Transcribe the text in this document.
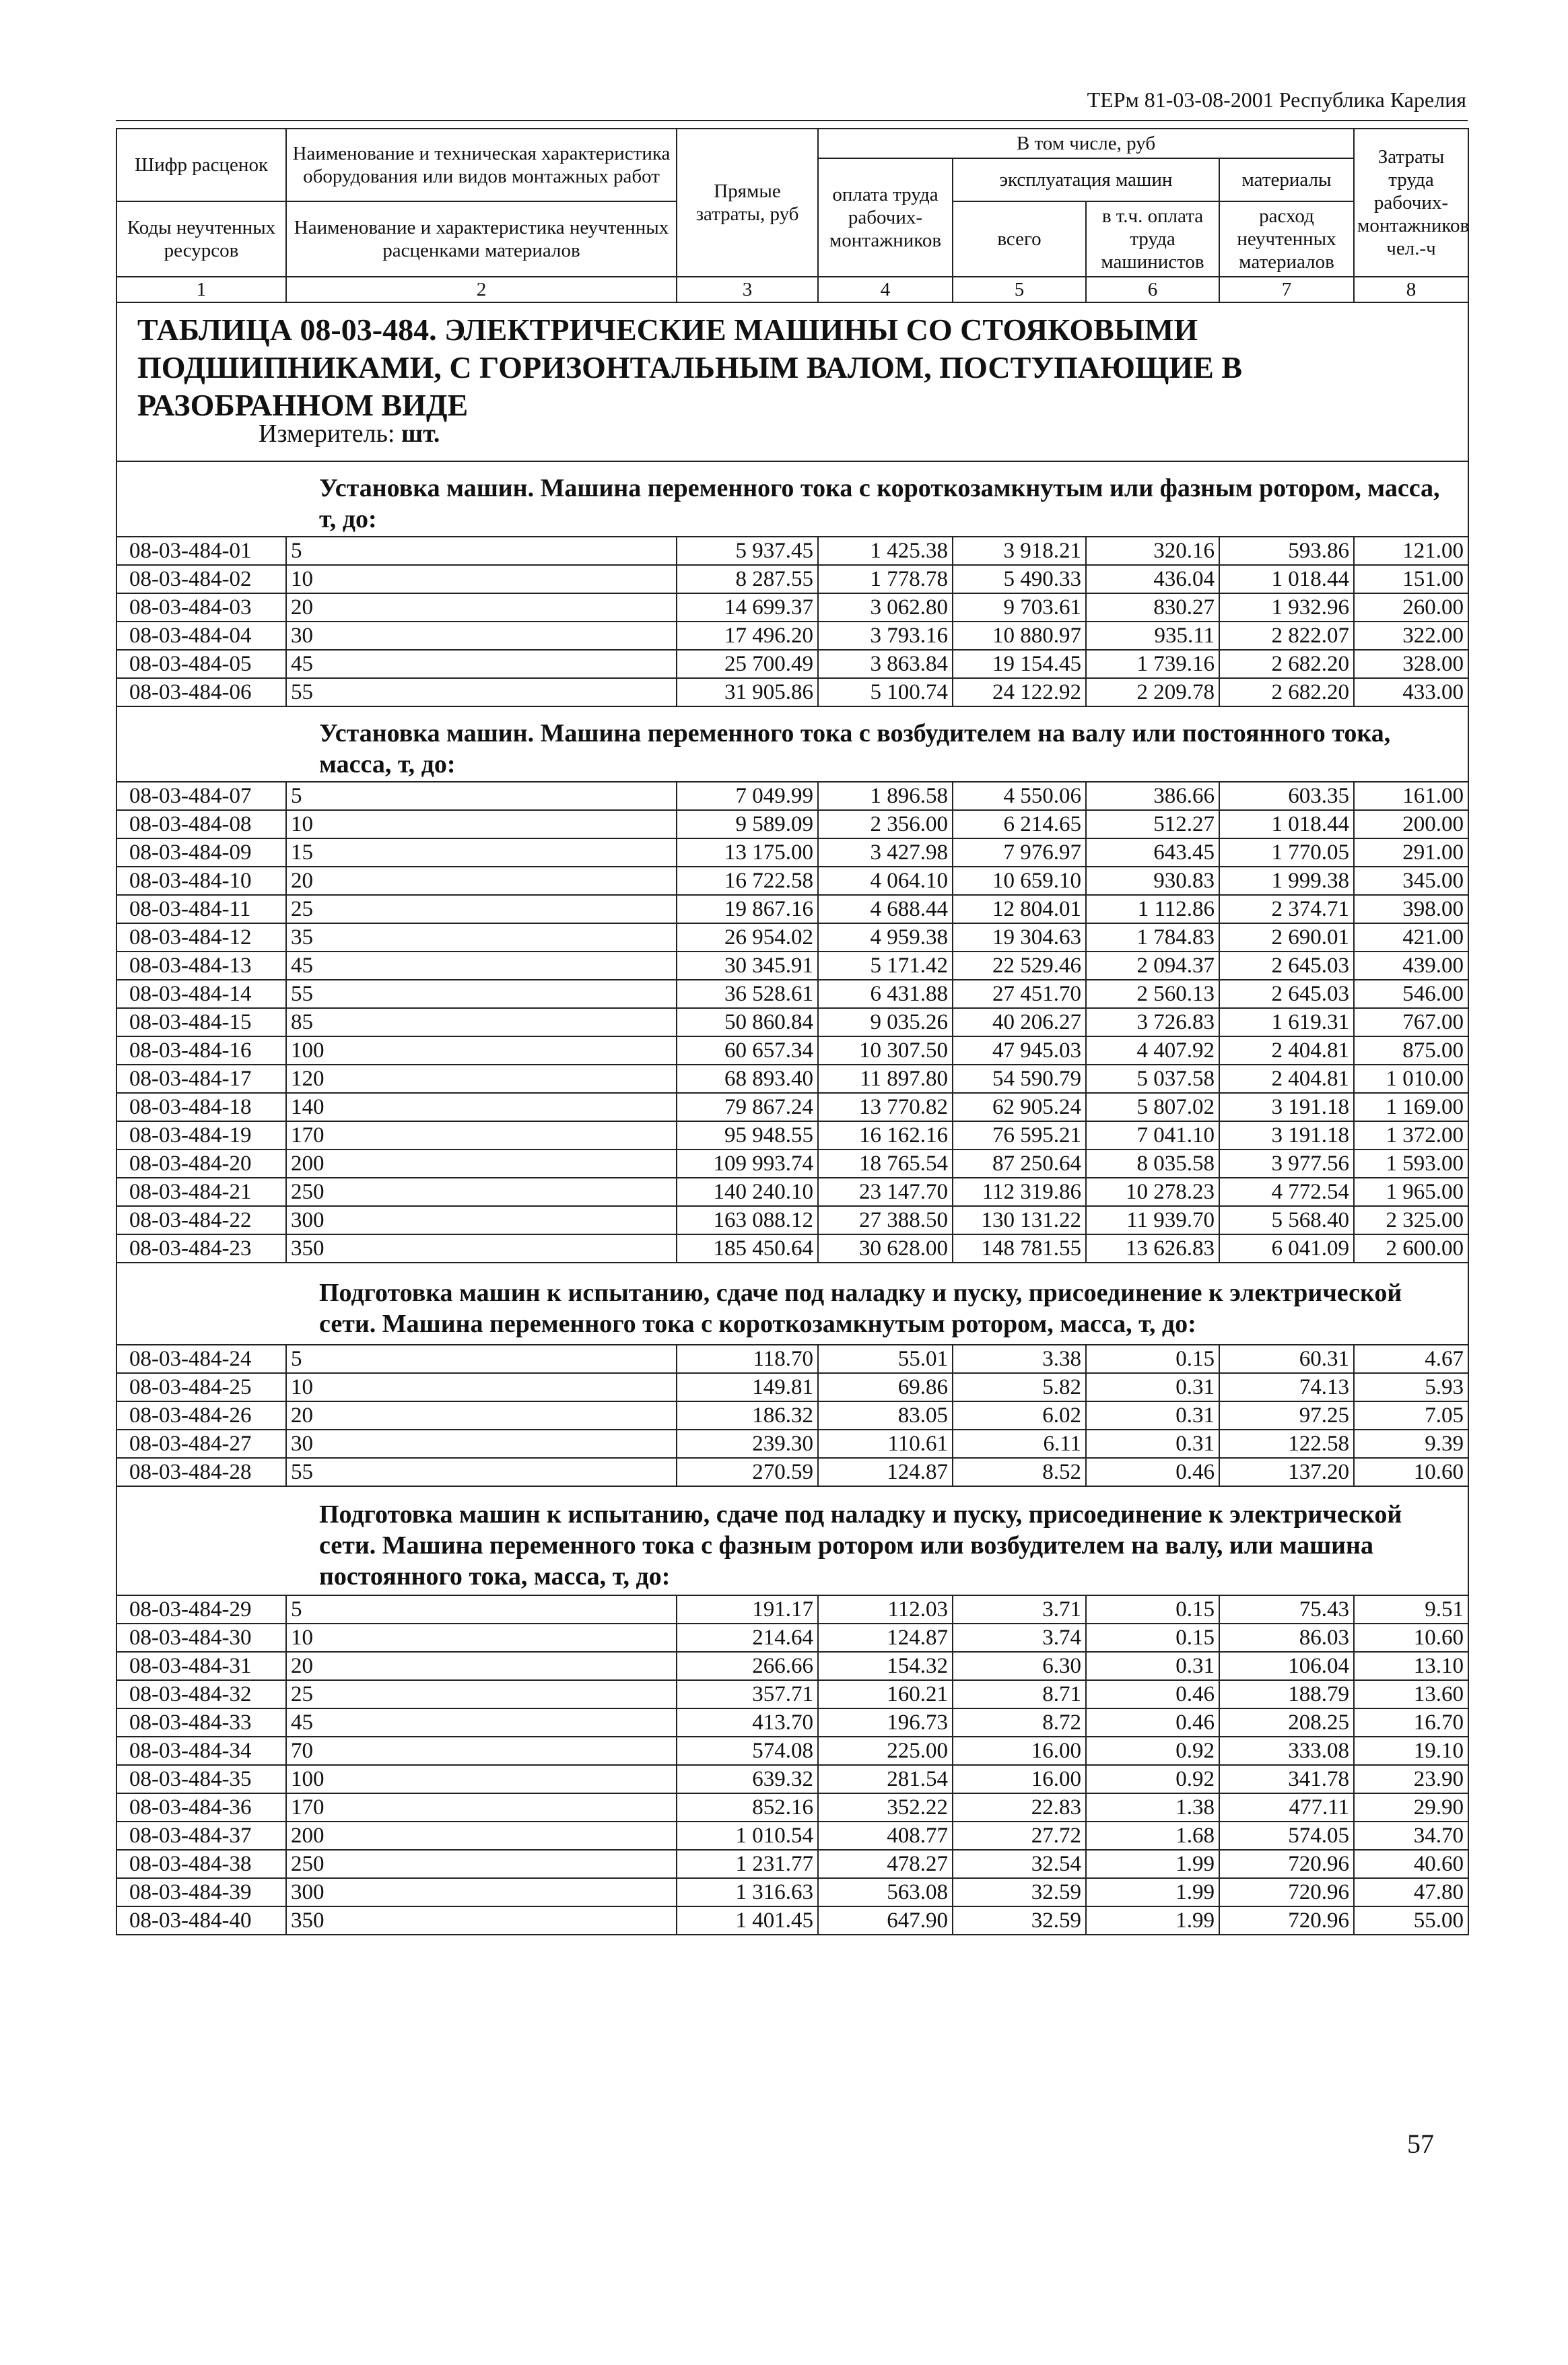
ТЕРм 81-03-08-2001 Республика Карелия
Шифр расценок	Наименование и техническая характеристика оборудования или видов монтажных работ	Прямые затраты, руб	В том числе, руб				Затраты труда рабочих-монтажников чел.-ч
			оплата труда рабочих-монтажников	эксплуатация машин		материалы	

Коды неучтенных ресурсов	Наименование и характеристика неучтенных расценками материалов			всего	в т.ч. оплата труда машинистов	расход неучтенных материалов	

1	2	3	4	5	6	7	8
ТАБЛИЦА 08-03-484. ЭЛЕКТРИЧЕСКИЕ МАШИНЫ СО СТОЯКОВЫМИ ПОДШИПНИКАМИ, С ГОРИЗОНТАЛЬНЫМ ВАЛОМ, ПОСТУПАЮЩИЕ В РАЗОБРАННОМ ВИДЕ
Измеритель: шт.							

Установка машин. Машина переменного тока с короткозамкнутым или фазным ротором, масса, т, до:							

08-03-484-01	5	5 937.45	1 425.38	3 918.21	320.16	593.86	121.00
08-03-484-02	10	8 287.55	1 778.78	5 490.33	436.04	1 018.44	151.00
08-03-484-03	20	14 699.37	3 062.80	9 703.61	830.27	1 932.96	260.00
08-03-484-04	30	17 496.20	3 793.16	10 880.97	935.11	2 822.07	322.00
08-03-484-05	45	25 700.49	3 863.84	19 154.45	1 739.16	2 682.20	328.00
08-03-484-06	55	31 905.86	5 100.74	24 122.92	2 209.78	2 682.20	433.00

Установка машин. Машина переменного тока с возбудителем на валу или постоянного тока, масса, т, до:							

08-03-484-07	5	7 049.99	1 896.58	4 550.06	386.66	603.35	161.00
08-03-484-08	10	9 589.09	2 356.00	6 214.65	512.27	1 018.44	200.00
08-03-484-09	15	13 175.00	3 427.98	7 976.97	643.45	1 770.05	291.00
08-03-484-10	20	16 722.58	4 064.10	10 659.10	930.83	1 999.38	345.00
08-03-484-11	25	19 867.16	4 688.44	12 804.01	1 112.86	2 374.71	398.00
08-03-484-12	35	26 954.02	4 959.38	19 304.63	1 784.83	2 690.01	421.00
08-03-484-13	45	30 345.91	5 171.42	22 529.46	2 094.37	2 645.03	439.00
08-03-484-14	55	36 528.61	6 431.88	27 451.70	2 560.13	2 645.03	546.00
08-03-484-15	85	50 860.84	9 035.26	40 206.27	3 726.83	1 619.31	767.00
08-03-484-16	100	60 657.34	10 307.50	47 945.03	4 407.92	2 404.81	875.00
08-03-484-17	120	68 893.40	11 897.80	54 590.79	5 037.58	2 404.81	1 010.00
08-03-484-18	140	79 867.24	13 770.82	62 905.24	5 807.02	3 191.18	1 169.00
08-03-484-19	170	95 948.55	16 162.16	76 595.21	7 041.10	3 191.18	1 372.00
08-03-484-20	200	109 993.74	18 765.54	87 250.64	8 035.58	3 977.56	1 593.00
08-03-484-21	250	140 240.10	23 147.70	112 319.86	10 278.23	4 772.54	1 965.00
08-03-484-22	300	163 088.12	27 388.50	130 131.22	11 939.70	5 568.40	2 325.00
08-03-484-23	350	185 450.64	30 628.00	148 781.55	13 626.83	6 041.09	2 600.00

Подготовка машин к испытанию, сдаче под наладку и пуску, присоединение к электрической сети. Машина переменного тока с короткозамкнутым ротором, масса, т, до:							

08-03-484-24	5	118.70	55.01	3.38	0.15	60.31	4.67
08-03-484-25	10	149.81	69.86	5.82	0.31	74.13	5.93
08-03-484-26	20	186.32	83.05	6.02	0.31	97.25	7.05
08-03-484-27	30	239.30	110.61	6.11	0.31	122.58	9.39
08-03-484-28	55	270.59	124.87	8.52	0.46	137.20	10.60

Подготовка машин к испытанию, сдаче под наладку и пуску, присоединение к электрической сети. Машина переменного тока с фазным ротором или возбудителем на валу, или машина постоянного тока, масса, т, до:							

08-03-484-29	5	191.17	112.03	3.71	0.15	75.43	9.51
08-03-484-30	10	214.64	124.87	3.74	0.15	86.03	10.60
08-03-484-31	20	266.66	154.32	6.30	0.31	106.04	13.10
08-03-484-32	25	357.71	160.21	8.71	0.46	188.79	13.60
08-03-484-33	45	413.70	196.73	8.72	0.46	208.25	16.70
08-03-484-34	70	574.08	225.00	16.00	0.92	333.08	19.10
08-03-484-35	100	639.32	281.54	16.00	0.92	341.78	23.90
08-03-484-36	170	852.16	352.22	22.83	1.38	477.11	29.90
08-03-484-37	200	1 010.54	408.77	27.72	1.68	574.05	34.70
08-03-484-38	250	1 231.77	478.27	32.54	1.99	720.96	40.60
08-03-484-39	300	1 316.63	563.08	32.59	1.99	720.96	47.80
08-03-484-40	350	1 401.45	647.90	32.59	1.99	720.96	55.00
57
